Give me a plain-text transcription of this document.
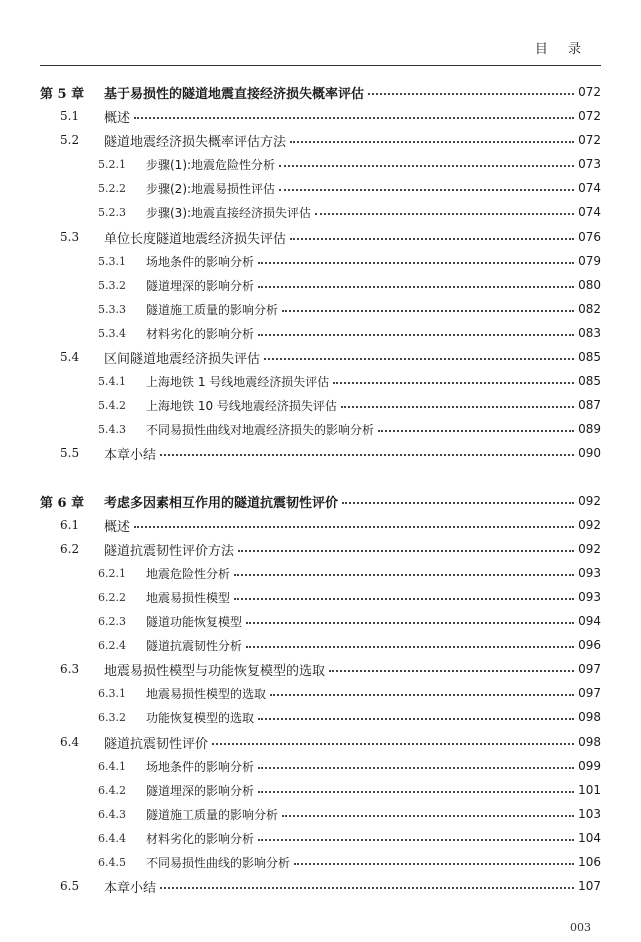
目 录
第 5 章	基于易损性的隧道地震直接经济损失概率评估	072
5.1	概述	072
5.2	隧道地震经济损失概率评估方法	072
5.2.1	步骤(1):地震危险性分析	073
5.2.2	步骤(2):地震易损性评估	074
5.2.3	步骤(3):地震直接经济损失评估	074
5.3	单位长度隧道地震经济损失评估	076
5.3.1	场地条件的影响分析	079
5.3.2	隧道埋深的影响分析	080
5.3.3	隧道施工质量的影响分析	082
5.3.4	材料劣化的影响分析	083
5.4	区间隧道地震经济损失评估	085
5.4.1	上海地铁 1 号线地震经济损失评估	085
5.4.2	上海地铁 10 号线地震经济损失评估	087
5.4.3	不同易损性曲线对地震经济损失的影响分析	089
5.5	本章小结	090
第 6 章	考虑多因素相互作用的隧道抗震韧性评价	092
6.1	概述	092
6.2	隧道抗震韧性评价方法	092
6.2.1	地震危险性分析	093
6.2.2	地震易损性模型	093
6.2.3	隧道功能恢复模型	094
6.2.4	隧道抗震韧性分析	096
6.3	地震易损性模型与功能恢复模型的选取	097
6.3.1	地震易损性模型的选取	097
6.3.2	功能恢复模型的选取	098
6.4	隧道抗震韧性评价	098
6.4.1	场地条件的影响分析	099
6.4.2	隧道埋深的影响分析	101
6.4.3	隧道施工质量的影响分析	103
6.4.4	材料劣化的影响分析	104
6.4.5	不同易损性曲线的影响分析	106
6.5	本章小结	107
003
